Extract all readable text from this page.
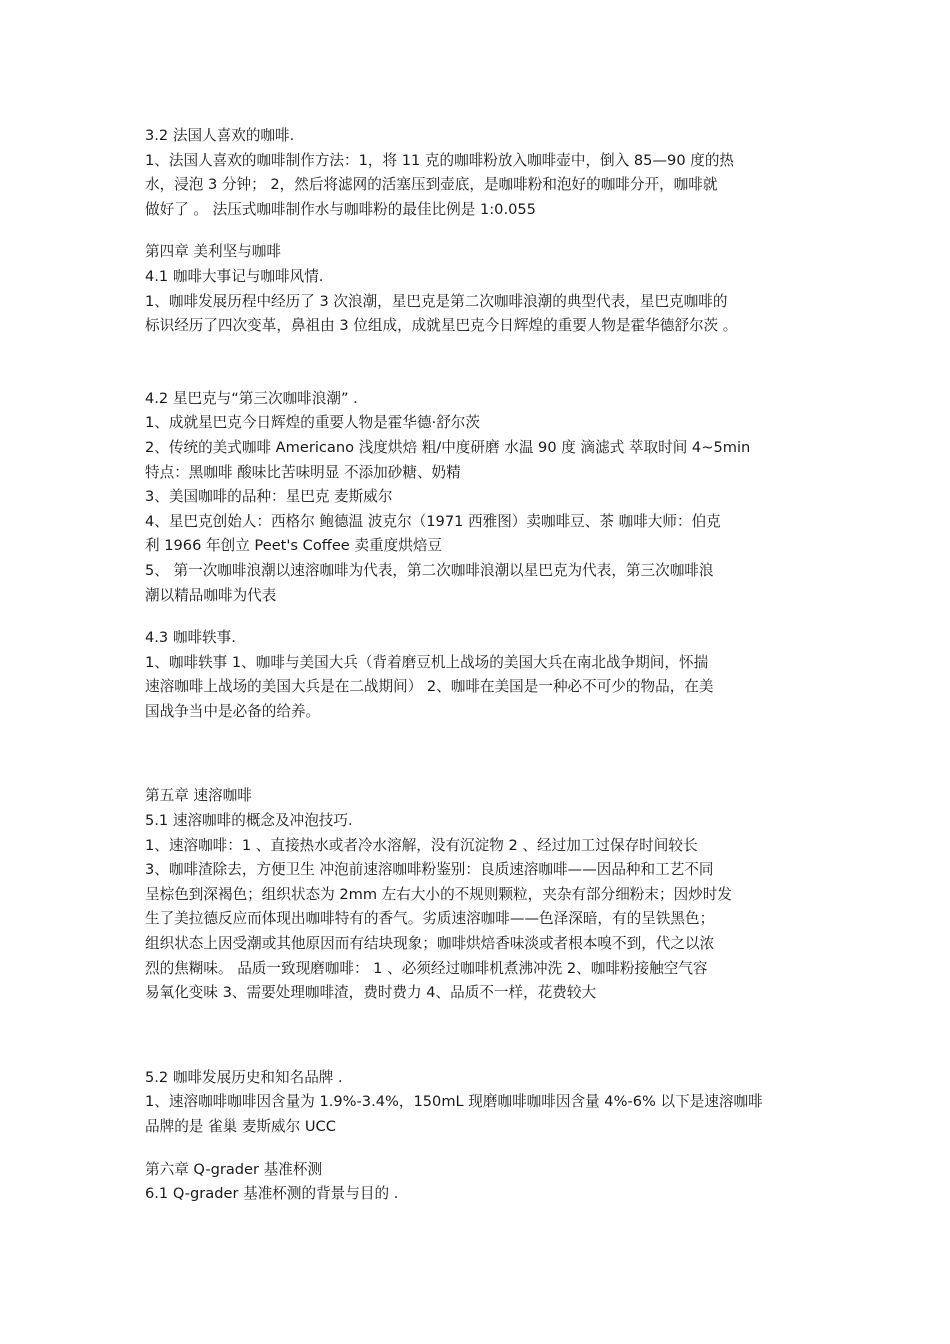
3.2 法国人喜欢的咖啡.
1、法国人喜欢的咖啡制作方法：1，将 11 克的咖啡粉放入咖啡壶中，倒入 85—90 度的热
水，浸泡 3 分钟； 2，然后将滤网的活塞压到壶底，是咖啡粉和泡好的咖啡分开，咖啡就
做好了 。 法压式咖啡制作水与咖啡粉的最佳比例是 1:0.055
第四章 美利坚与咖啡
4.1 咖啡大事记与咖啡风情.
1、咖啡发展历程中经历了 3 次浪潮，星巴克是第二次咖啡浪潮的典型代表，星巴克咖啡的
标识经历了四次变革，鼻祖由 3 位组成，成就星巴克今日辉煌的重要人物是霍华德舒尔茨 。
4.2 星巴克与“第三次咖啡浪潮” .
1、成就星巴克今日辉煌的重要人物是霍华德·舒尔茨
2、传统的美式咖啡 Americano 浅度烘焙 粗/中度研磨 水温 90 度 滴滤式 萃取时间 4~5min
特点：黑咖啡 酸味比苦味明显 不添加砂糖、奶精
3、美国咖啡的品种：星巴克 麦斯威尔
4、星巴克创始人：西格尔 鲍德温 波克尔（1971 西雅图）卖咖啡豆、茶 咖啡大师：伯克
利 1966 年创立 Peet's Coffee 卖重度烘焙豆
5、 第一次咖啡浪潮以速溶咖啡为代表，第二次咖啡浪潮以星巴克为代表，第三次咖啡浪
潮以精品咖啡为代表
4.3 咖啡轶事.
1、咖啡轶事 1、咖啡与美国大兵（背着磨豆机上战场的美国大兵在南北战争期间，怀揣
速溶咖啡上战场的美国大兵是在二战期间） 2、咖啡在美国是一种必不可少的物品，在美
国战争当中是必备的给养。
第五章 速溶咖啡
5.1 速溶咖啡的概念及冲泡技巧.
1、速溶咖啡：1 、直接热水或者冷水溶解，没有沉淀物 2 、经过加工过保存时间较长
3、咖啡渣除去，方便卫生 冲泡前速溶咖啡粉鉴别：良质速溶咖啡——因品种和工艺不同
呈棕色到深褐色；组织状态为 2mm 左右大小的不规则颗粒，夹杂有部分细粉末；因炒时发
生了美拉德反应而体现出咖啡特有的香气。劣质速溶咖啡——色泽深暗，有的呈铁黑色；
组织状态上因受潮或其他原因而有结块现象；咖啡烘焙香味淡或者根本嗅不到，代之以浓
烈的焦糊味。 品质一致现磨咖啡： 1 、必须经过咖啡机煮沸冲洗 2、咖啡粉接触空气容
易氧化变味 3、需要处理咖啡渣，费时费力 4、品质不一样，花费较大
5.2 咖啡发展历史和知名品牌 .
1、速溶咖啡咖啡因含量为 1.9%-3.4%，150mL 现磨咖啡咖啡因含量 4%-6% 以下是速溶咖啡
品牌的是 雀巢 麦斯威尔 UCC
第六章 Q-grader 基准杯测
6.1 Q-grader 基准杯测的背景与目的 .
